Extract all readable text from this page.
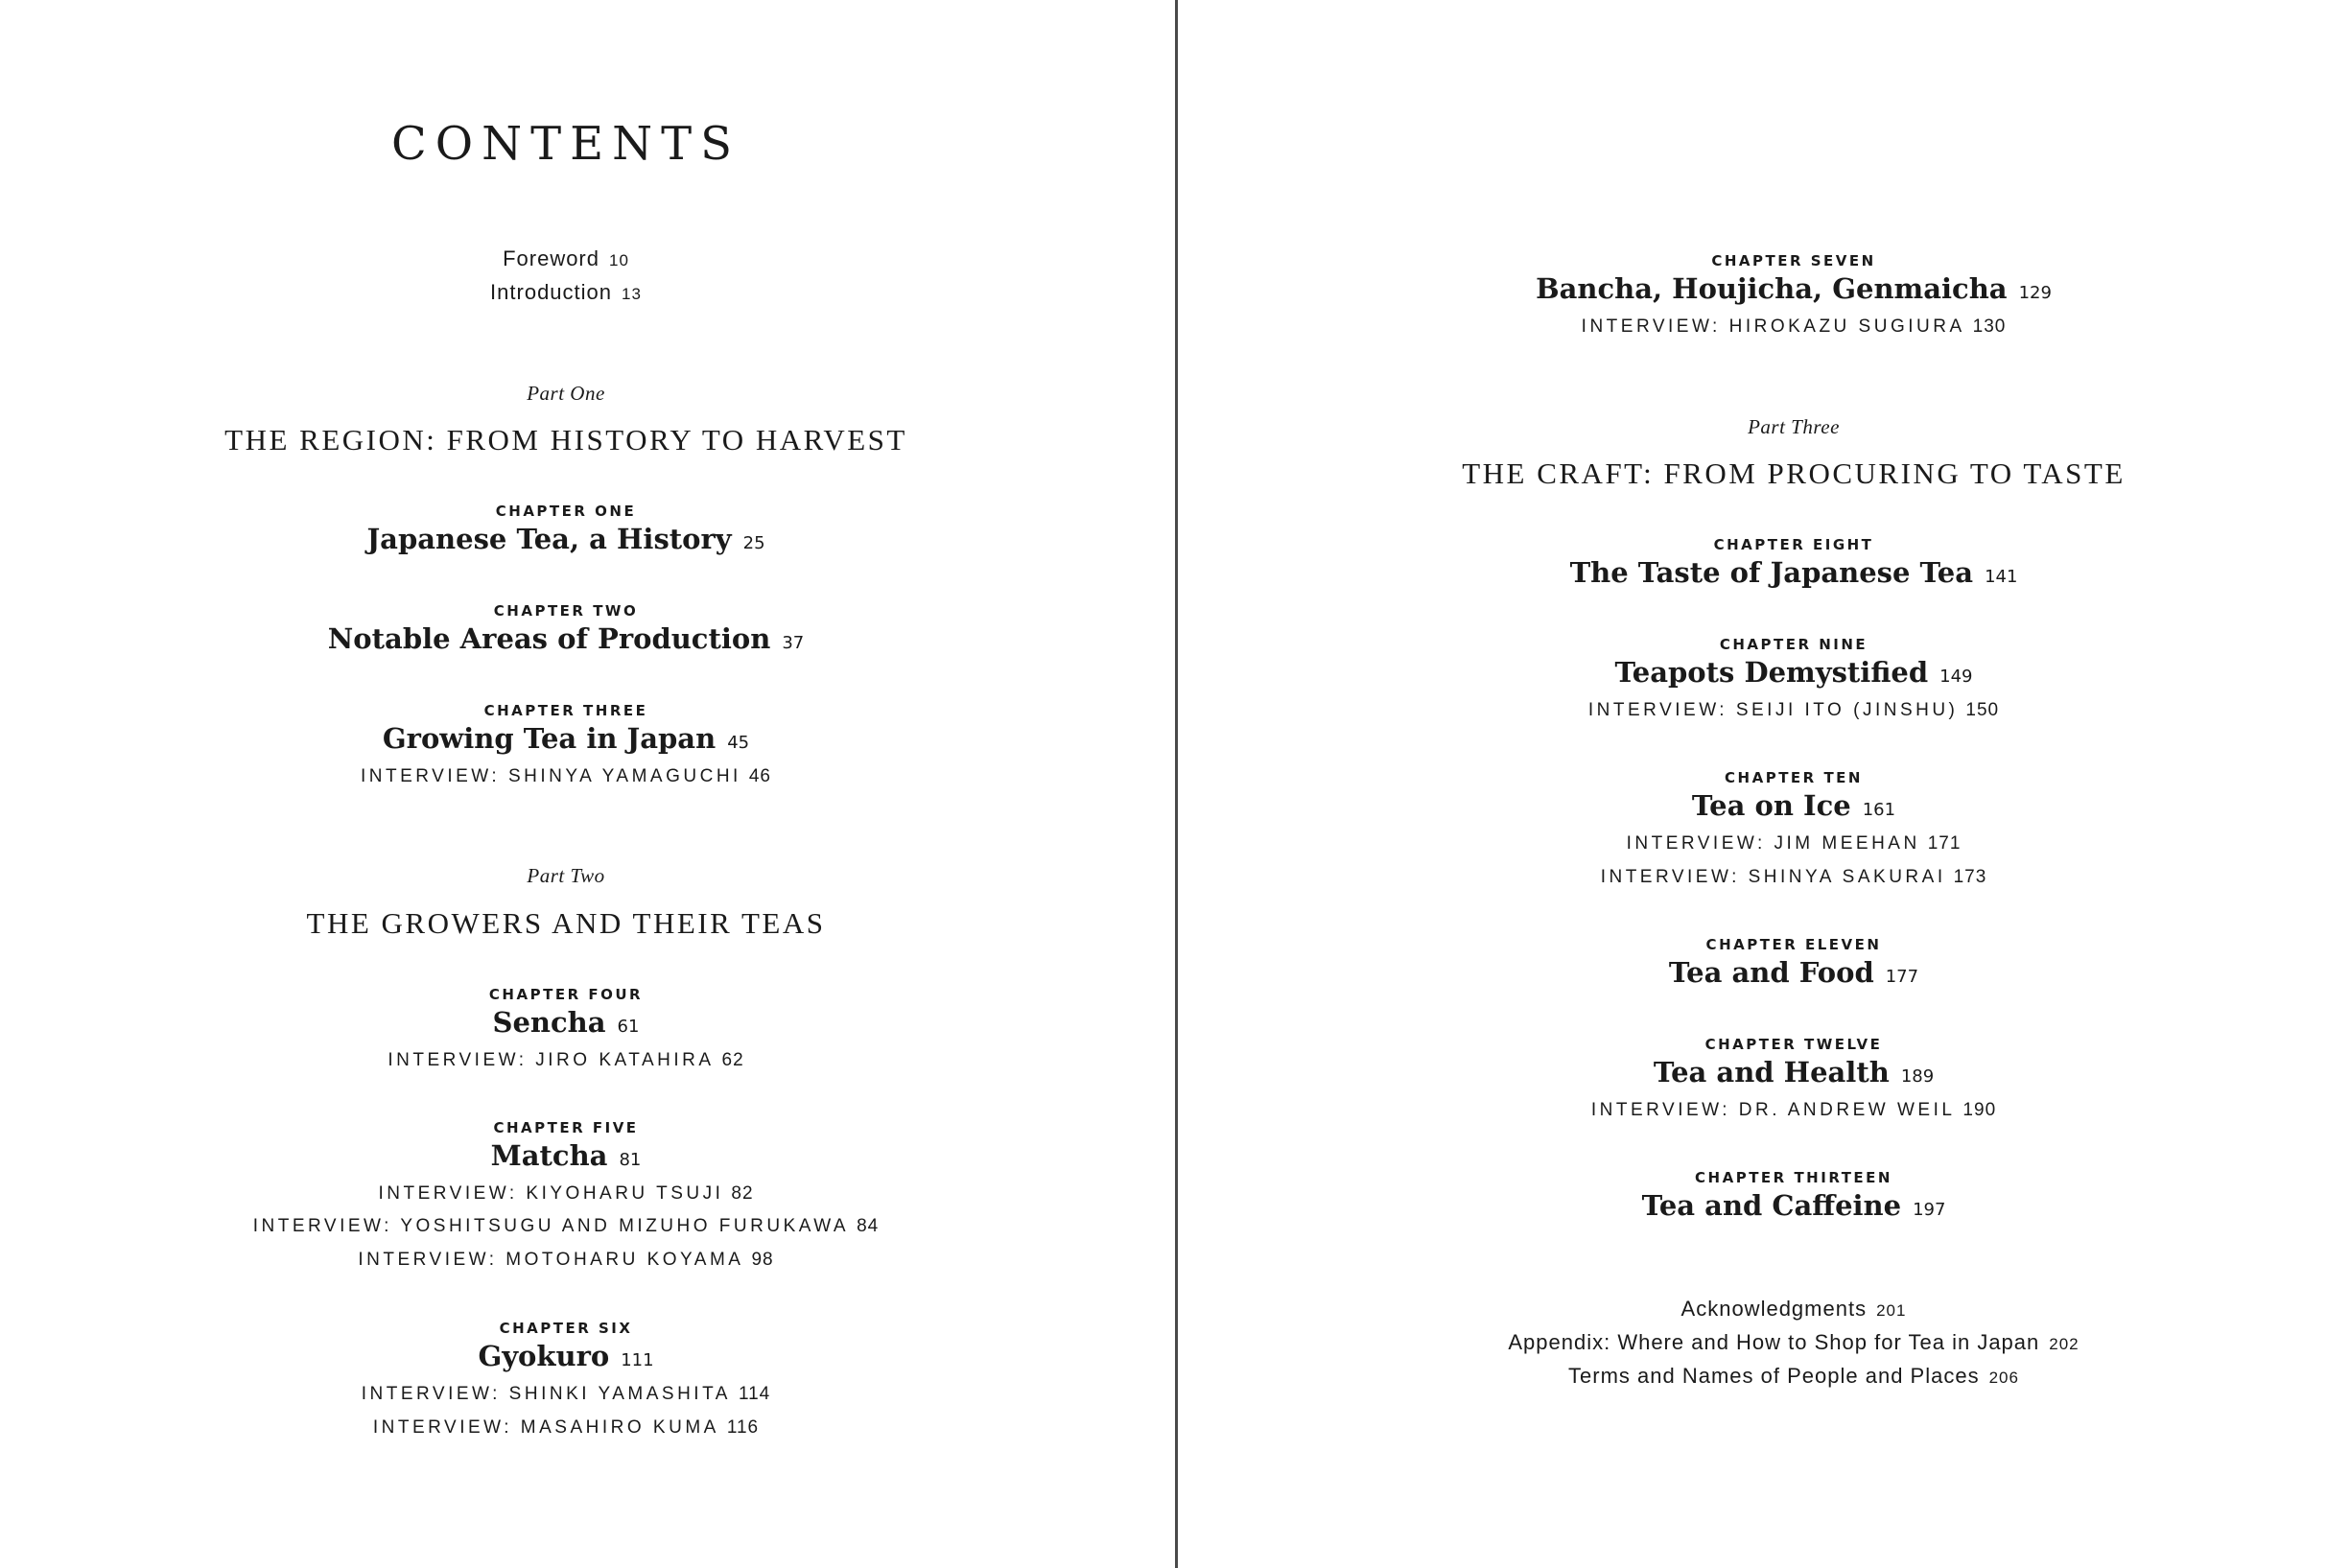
CONTENTS
Foreword 10
Introduction 13
Part One
THE REGION: FROM HISTORY TO HARVEST
CHAPTER ONE
Japanese Tea, a History 25
CHAPTER TWO
Notable Areas of Production 37
CHAPTER THREE
Growing Tea in Japan 45
INTERVIEW: SHINYA YAMAGUCHI 46
Part Two
THE GROWERS AND THEIR TEAS
CHAPTER FOUR
Sencha 61
INTERVIEW: JIRO KATAHIRA 62
CHAPTER FIVE
Matcha 81
INTERVIEW: KIYOHARU TSUJI 82
INTERVIEW: YOSHITSUGU AND MIZUHO FURUKAWA 84
INTERVIEW: MOTOHARU KOYAMA 98
CHAPTER SIX
Gyokuro 111
INTERVIEW: SHINKI YAMASHITA 114
INTERVIEW: MASAHIRO KUMA 116
CHAPTER SEVEN
Bancha, Houjicha, Genmaicha 129
INTERVIEW: HIROKAZU SUGIURA 130
Part Three
THE CRAFT: FROM PROCURING TO TASTE
CHAPTER EIGHT
The Taste of Japanese Tea 141
CHAPTER NINE
Teapots Demystified 149
INTERVIEW: SEIJI ITO (JINSHU) 150
CHAPTER TEN
Tea on Ice 161
INTERVIEW: JIM MEEHAN 171
INTERVIEW: SHINYA SAKURAI 173
CHAPTER ELEVEN
Tea and Food 177
CHAPTER TWELVE
Tea and Health 189
INTERVIEW: DR. ANDREW WEIL 190
CHAPTER THIRTEEN
Tea and Caffeine 197
Acknowledgments 201
Appendix: Where and How to Shop for Tea in Japan 202
Terms and Names of People and Places 206
